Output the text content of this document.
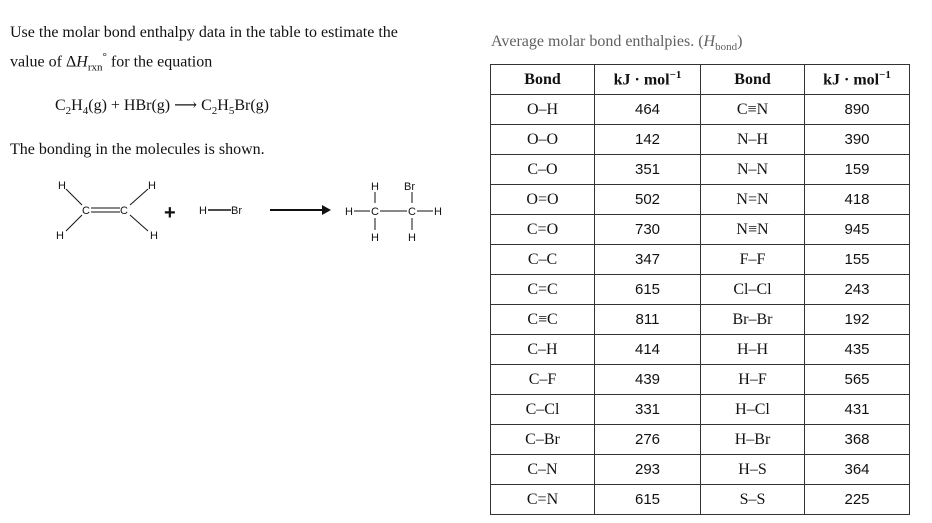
Use the molar bond enthalpy data in the table to estimate the
value of $\Delta H_{rxn}^\circ$ for the equation
$C_2H_4(g) + HBr(g)$ ⟶ $C_2H_5Br(g)$
The bonding in the molecules is shown.
H	H
H	H
C	C + H Br
H Br
H C	C H
H	H
Average molar bond enthalpies. $(H_{bond})$
Bond	kJ · mol$^{-1}$	Bond	kJ · mol$^{-1}$
O–H	464	C≡N	890
O–O	142	N–H	390
C–O	351	N–N	159
O=O	502	N=N	418
C=O	730	N≡N	945
C–C	347	F–F	155
C=C	615	Cl–Cl	243
C≡C	811	Br–Br	192
C–H	414	H–H	435
C–F	439	H–F	565
C–Cl	331	H–Cl	431
C–Br	276	H–Br	368
C–N	293	H–S	364
C=N	615	S–S	225
